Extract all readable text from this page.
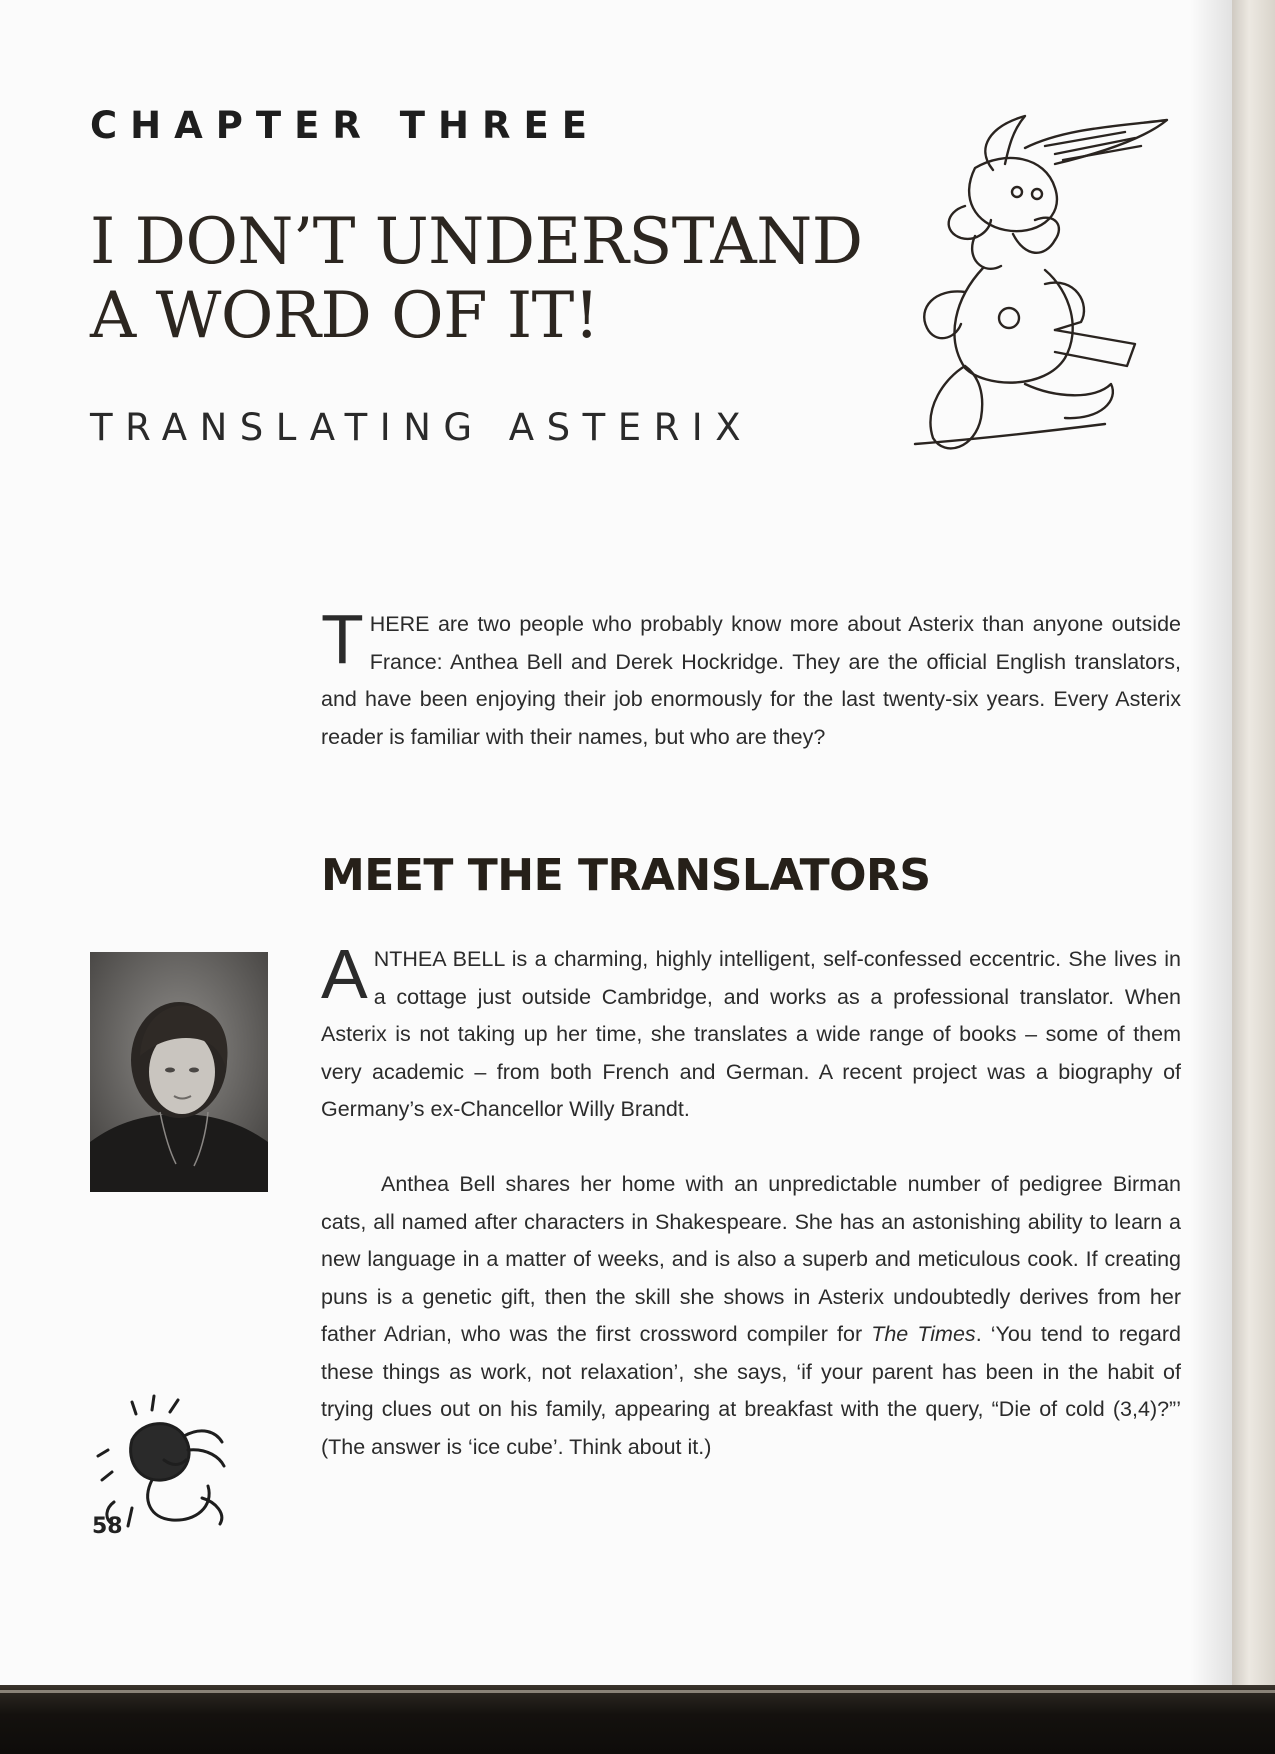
CHAPTER THREE
I DON’T UNDERSTAND
A WORD OF IT!
TRANSLATING ASTERIX

THERE are two people who probably know more about Asterix than anyone outside France: Anthea Bell and Derek Hockridge. They are the official English translators, and have been enjoying their job enormously for the last twenty-six years. Every Asterix reader is familiar with their names, but who are they?

MEET THE TRANSLATORS

ANTHEA BELL is a charming, highly intelligent, self-confessed eccentric. She lives in a cottage just outside Cambridge, and works as a professional translator. When Asterix is not taking up her time, she translates a wide range of books – some of them very academic – from both French and German. A recent project was a biography of Germany’s ex-Chancellor Willy Brandt.

Anthea Bell shares her home with an unpredictable number of pedigree Birman cats, all named after characters in Shakespeare. She has an astonishing ability to learn a new language in a matter of weeks, and is also a superb and meticulous cook. If creating puns is a genetic gift, then the skill she shows in Asterix undoubtedly derives from her father Adrian, who was the first crossword compiler for The Times. ‘You tend to regard these things as work, not relaxation’, she says, ‘if your parent has been in the habit of trying clues out on his family, appearing at breakfast with the query, “Die of cold (3,4)?”’ (The answer is ‘ice cube’. Think about it.)

58
